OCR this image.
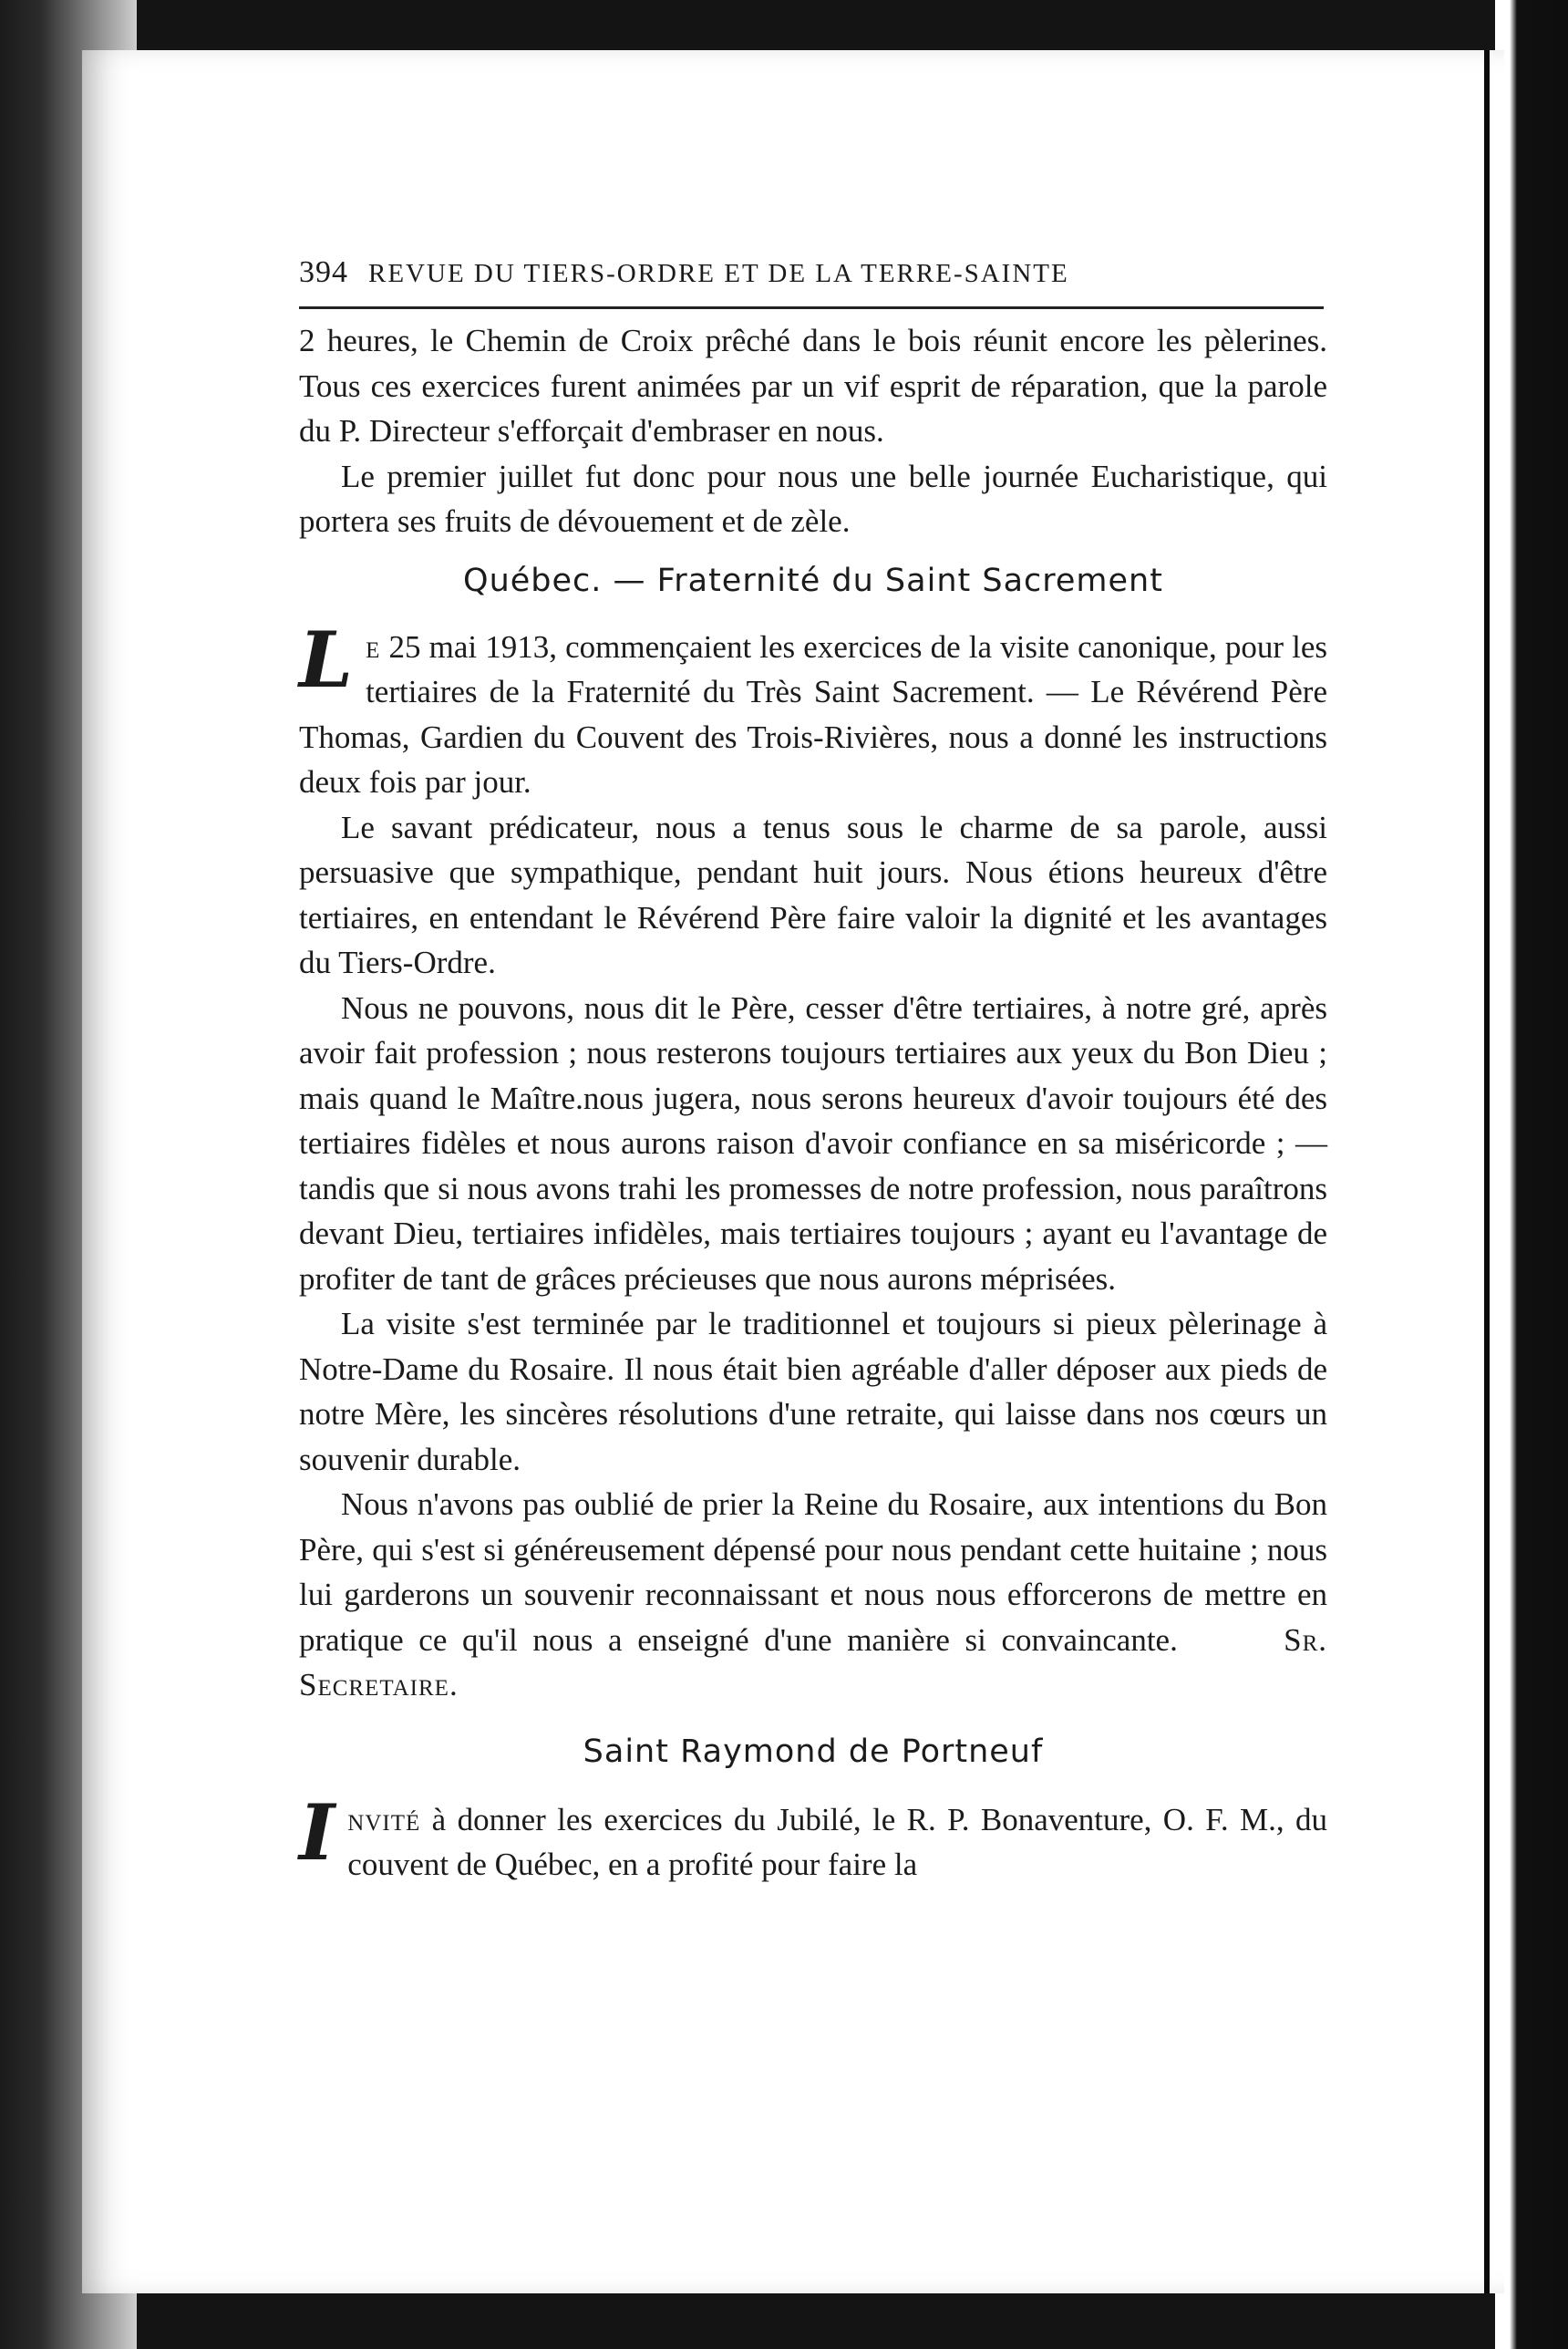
394 REVUE DU TIERS-ORDRE ET DE LA TERRE-SAINTE

2 heures, le Chemin de Croix prêché dans le bois réunit encore les pèlerines. Tous ces exercices furent animées par un vif esprit de réparation, que la parole du P. Directeur s'efforçait d'embraser en nous.

Le premier juillet fut donc pour nous une belle journée Eucharistique, qui portera ses fruits de dévouement et de zèle.

Québec. — Fraternité du Saint Sacrement

Le 25 mai 1913, commençaient les exercices de la visite canonique, pour les tertiaires de la Fraternité du Très Saint Sacrement. — Le Révérend Père Thomas, Gardien du Couvent des Trois-Rivières, nous a donné les instructions deux fois par jour.

Le savant prédicateur, nous a tenus sous le charme de sa parole, aussi persuasive que sympathique, pendant huit jours. Nous étions heureux d'être tertiaires, en entendant le Révérend Père faire valoir la dignité et les avantages du Tiers-Ordre.

Nous ne pouvons, nous dit le Père, cesser d'être tertiaires, à notre gré, après avoir fait profession ; nous resterons toujours tertiaires aux yeux du Bon Dieu ; mais quand le Maître.nous jugera, nous serons heureux d'avoir toujours été des tertiaires fidèles et nous aurons raison d'avoir confiance en sa miséricorde ; — tandis que si nous avons trahi les promesses de notre profession, nous paraîtrons devant Dieu, tertiaires infidèles, mais tertiaires toujours ; ayant eu l'avantage de profiter de tant de grâces précieuses que nous aurons méprisées.

La visite s'est terminée par le traditionnel et toujours si pieux pèlerinage à Notre-Dame du Rosaire. Il nous était bien agréable d'aller déposer aux pieds de notre Mère, les sincères résolutions d'une retraite, qui laisse dans nos cœurs un souvenir durable.

Nous n'avons pas oublié de prier la Reine du Rosaire, aux intentions du Bon Père, qui s'est si généreusement dépensé pour nous pendant cette huitaine ; nous lui garderons un souvenir reconnaissant et nous nous efforcerons de mettre en pratique ce qu'il nous a enseigné d'une manière si convaincante.	Sr. Secretaire.

Saint Raymond de Portneuf

Invité à donner les exercices du Jubilé, le R. P. Bonaventure, O. F. M., du couvent de Québec, en a profité pour faire la
